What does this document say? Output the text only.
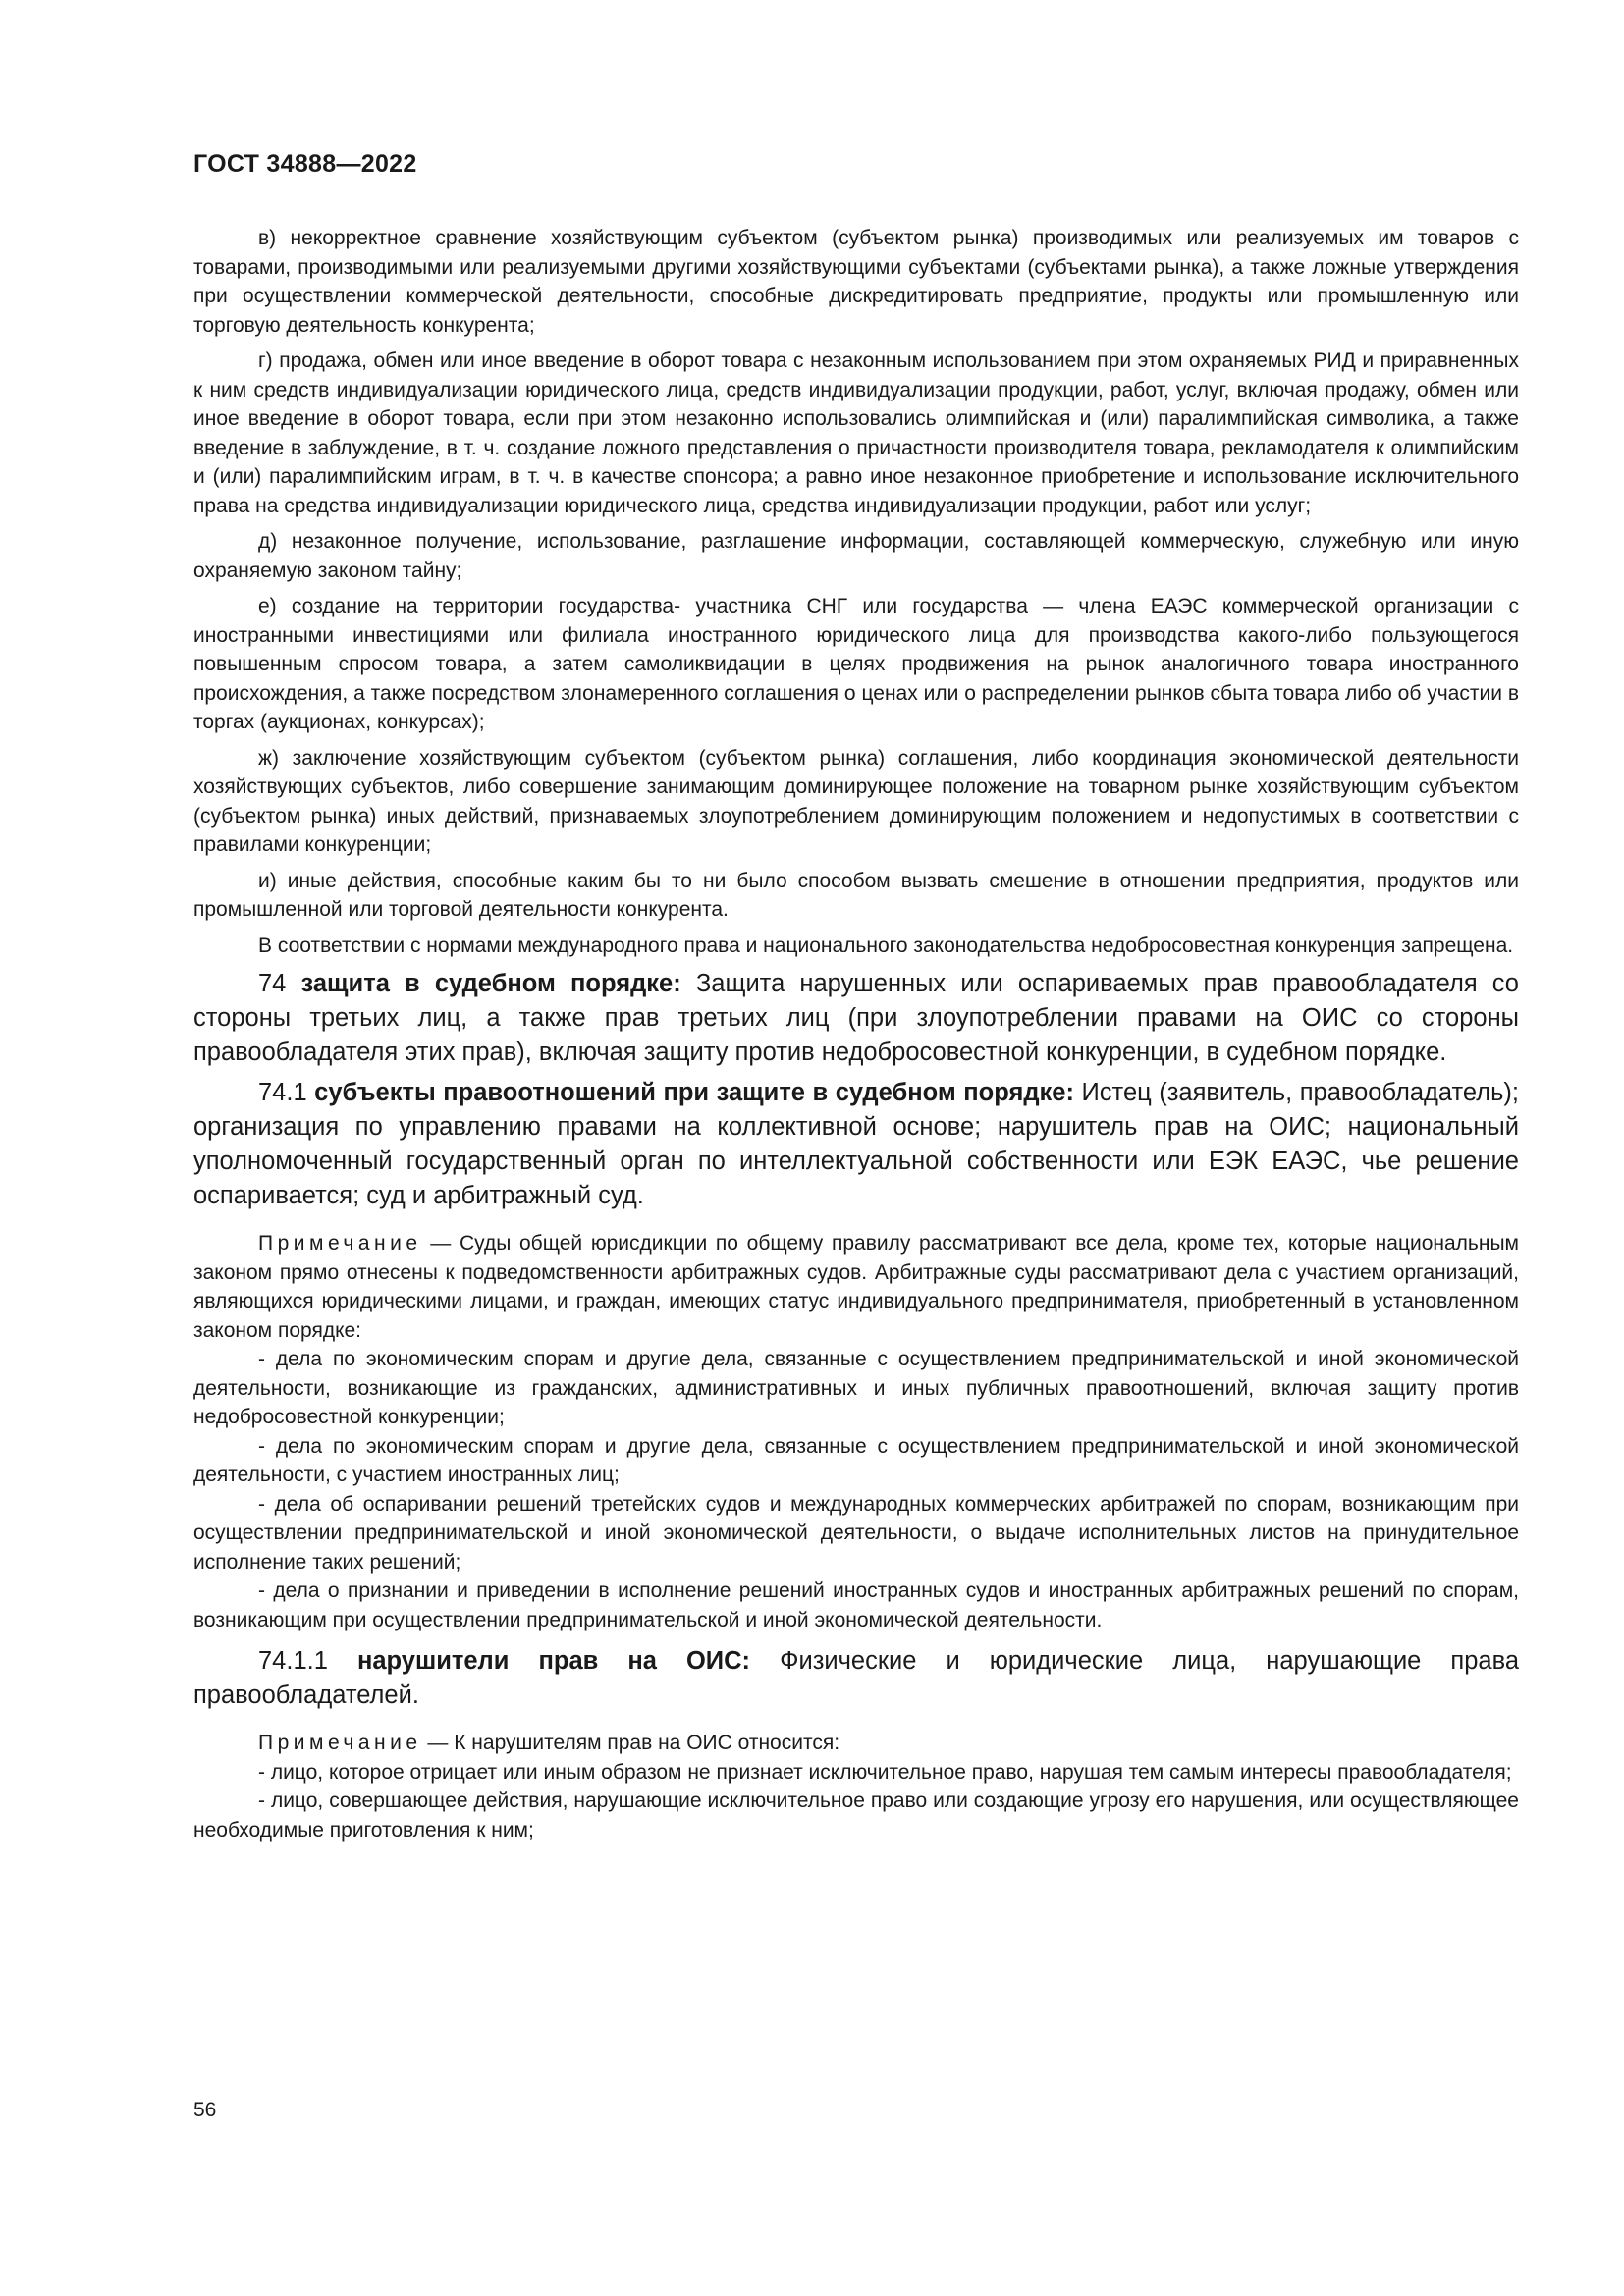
ГОСТ 34888—2022

в) некорректное сравнение хозяйствующим субъектом (субъектом рынка) производимых или реализуемых им товаров с товарами, производимыми или реализуемыми другими хозяйствующими субъектами (субъектами рынка), а также ложные утверждения при осуществлении коммерческой деятельности, способные дискредитировать предприятие, продукты или промышленную или торговую деятельность конкурента;

г) продажа, обмен или иное введение в оборот товара с незаконным использованием при этом охраняемых РИД и приравненных к ним средств индивидуализации юридического лица, средств индивидуализации продукции, работ, услуг, включая продажу, обмен или иное введение в оборот товара, если при этом незаконно использовались олимпийская и (или) паралимпийская символика, а также введение в заблуждение, в т. ч. создание ложного представления о причастности производителя товара, рекламодателя к олимпийским и (или) паралимпийским играм, в т. ч. в качестве спонсора; а равно иное незаконное приобретение и использование исключительного права на средства индивидуализации юридического лица, средства индивидуализации продукции, работ или услуг;

д) незаконное получение, использование, разглашение информации, составляющей коммерческую, служебную или иную охраняемую законом тайну;

е) создание на территории государства- участника СНГ или государства — члена ЕАЭС коммерческой организации с иностранными инвестициями или филиала иностранного юридического лица для производства какого-либо пользующегося повышенным спросом товара, а затем самоликвидации в целях продвижения на рынок аналогичного товара иностранного происхождения, а также посредством злонамеренного соглашения о ценах или о распределении рынков сбыта товара либо об участии в торгах (аукционах, конкурсах);

ж) заключение хозяйствующим субъектом (субъектом рынка) соглашения, либо координация экономической деятельности хозяйствующих субъектов, либо совершение занимающим доминирующее положение на товарном рынке хозяйствующим субъектом (субъектом рынка) иных действий, признаваемых злоупотреблением доминирующим положением и недопустимых в соответствии с правилами конкуренции;

и) иные действия, способные каким бы то ни было способом вызвать смешение в отношении предприятия, продуктов или промышленной или торговой деятельности конкурента.

В соответствии с нормами международного права и национального законодательства недобросовестная конкуренция запрещена.

74 защита в судебном порядке: Защита нарушенных или оспариваемых прав правообладателя со стороны третьих лиц, а также прав третьих лиц (при злоупотреблении правами на ОИС со стороны правообладателя этих прав), включая защиту против недобросовестной конкуренции, в судебном порядке.

74.1 субъекты правоотношений при защите в судебном порядке: Истец (заявитель, правообладатель); организация по управлению правами на коллективной основе; нарушитель прав на ОИС; национальный уполномоченный государственный орган по интеллектуальной собственности или ЕЭК ЕАЭС, чье решение оспаривается; суд и арбитражный суд.

Примечание — Суды общей юрисдикции по общему правилу рассматривают все дела, кроме тех, которые национальным законом прямо отнесены к подведомственности арбитражных судов. Арбитражные суды рассматривают дела с участием организаций, являющихся юридическими лицами, и граждан, имеющих статус индивидуального предпринимателя, приобретенный в установленном законом порядке:

- дела по экономическим спорам и другие дела, связанные с осуществлением предпринимательской и иной экономической деятельности, возникающие из гражданских, административных и иных публичных правоотношений, включая защиту против недобросовестной конкуренции;

- дела по экономическим спорам и другие дела, связанные с осуществлением предпринимательской и иной экономической деятельности, с участием иностранных лиц;

- дела об оспаривании решений третейских судов и международных коммерческих арбитражей по спорам, возникающим при осуществлении предпринимательской и иной экономической деятельности, о выдаче исполнительных листов на принудительное исполнение таких решений;

- дела о признании и приведении в исполнение решений иностранных судов и иностранных арбитражных решений по спорам, возникающим при осуществлении предпринимательской и иной экономической деятельности.

74.1.1 нарушители прав на ОИС: Физические и юридические лица, нарушающие права правообладателей.

Примечание — К нарушителям прав на ОИС относится:

- лицо, которое отрицает или иным образом не признает исключительное право, нарушая тем самым интересы правообладателя;

- лицо, совершающее действия, нарушающие исключительное право или создающие угрозу его нарушения, или осуществляющее необходимые приготовления к ним;

56
